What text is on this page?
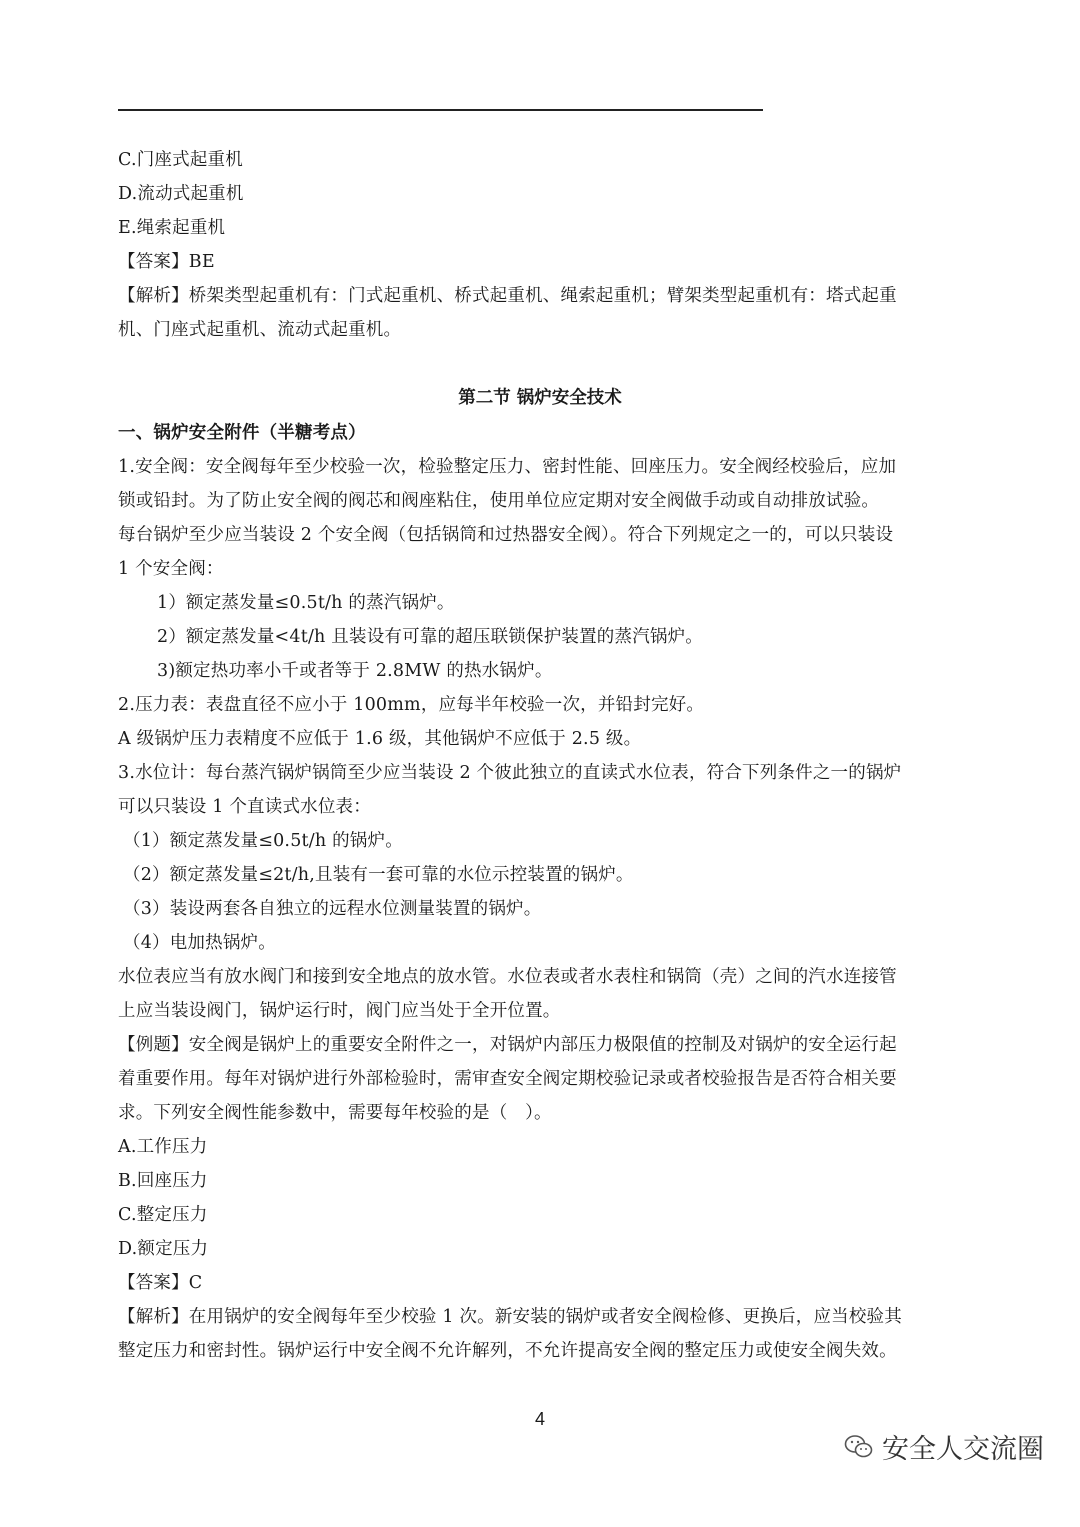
C.门座式起重机
D.流动式起重机
E.绳索起重机
【答案】BE
【解析】桥架类型起重机有：门式起重机、桥式起重机、绳索起重机；臂架类型起重机有：塔式起重
机、门座式起重机、流动式起重机。
第二节 锅炉安全技术
一、锅炉安全附件（半糖考点）
1.安全阀：安全阀每年至少校验一次，检验整定压力、密封性能、回座压力。安全阀经校验后，应加
锁或铅封。为了防止安全阀的阀芯和阀座粘住，使用单位应定期对安全阀做手动或自动排放试验。
每台锅炉至少应当装设 2 个安全阀（包括锅筒和过热器安全阀）。符合下列规定之一的，可以只装设
1 个安全阀：
1）额定蒸发量≤0.5t/h 的蒸汽锅炉。
2）额定蒸发量<4t/h 且装设有可靠的超压联锁保护装置的蒸汽锅炉。
3)额定热功率小千或者等于 2.8MW 的热水锅炉。
2.压力表：表盘直径不应小于 100mm，应每半年校验一次，并铅封完好。
A 级锅炉压力表精度不应低于 1.6 级，其他锅炉不应低于 2.5 级。
3.水位计：每台蒸汽锅炉锅筒至少应当装设 2 个彼此独立的直读式水位表，符合下列条件之一的锅炉
可以只装设 1 个直读式水位表：
（1）额定蒸发量≤0.5t/h 的锅炉。
（2）额定蒸发量≤2t/h,且装有一套可靠的水位示控装置的锅炉。
（3）装设两套各自独立的远程水位测量装置的锅炉。
（4）电加热锅炉。
水位表应当有放水阀门和接到安全地点的放水管。水位表或者水表柱和锅筒（壳）之间的汽水连接管
上应当装设阀门，锅炉运行时，阀门应当处于全开位置。
【例题】安全阀是锅炉上的重要安全附件之一，对锅炉内部压力极限值的控制及对锅炉的安全运行起
着重要作用。每年对锅炉进行外部检验时，需审查安全阀定期校验记录或者校验报告是否符合相关要
求。下列安全阀性能参数中，需要每年校验的是（　）。
A.工作压力
B.回座压力
C.整定压力
D.额定压力
【答案】C
【解析】在用锅炉的安全阀每年至少校验 1 次。新安装的锅炉或者安全阀检修、更换后，应当校验其
整定压力和密封性。锅炉运行中安全阀不允许解列，不允许提高安全阀的整定压力或使安全阀失效。
4
安全人交流圈
